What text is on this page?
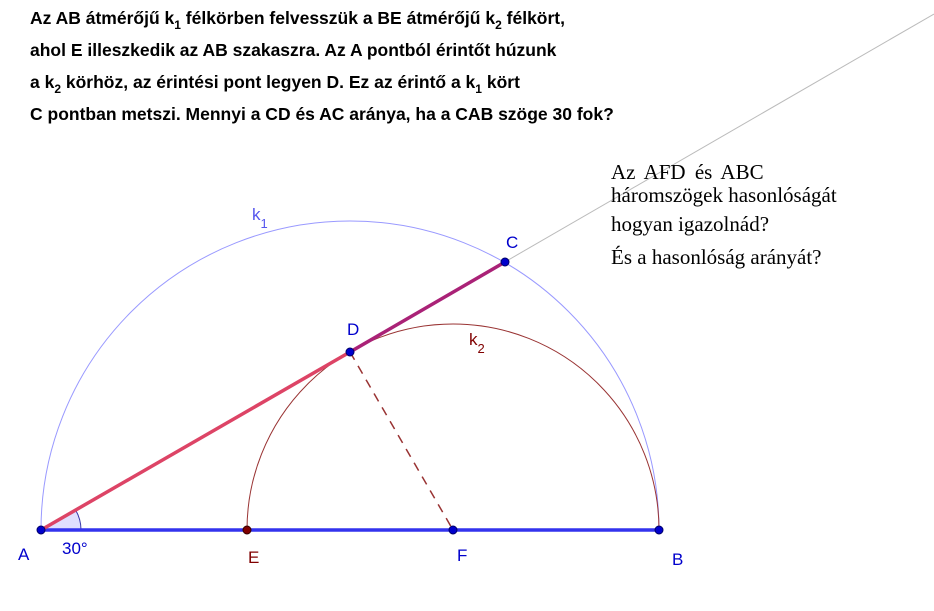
Az AB átmérőjű $k_1$ félkörben felvesszük a BE átmérőjű $k_2$ félkört,
ahol E illeszkedik az AB szakaszra. Az A pontból érintőt húzunk
a $k_2$ körhöz, az érintési pont legyen D. Ez az érintő a $k_1$ kört
C pontban metszi. Mennyi a CD és AC aránya, ha a CAB szöge 30 fok?
A	E	F	B
D
C
30°
$k_1$
$k_2$
Az AFD és ABC
háromszögek hasonlóságát
hogyan igazolnád?
És a hasonlóság arányát?
